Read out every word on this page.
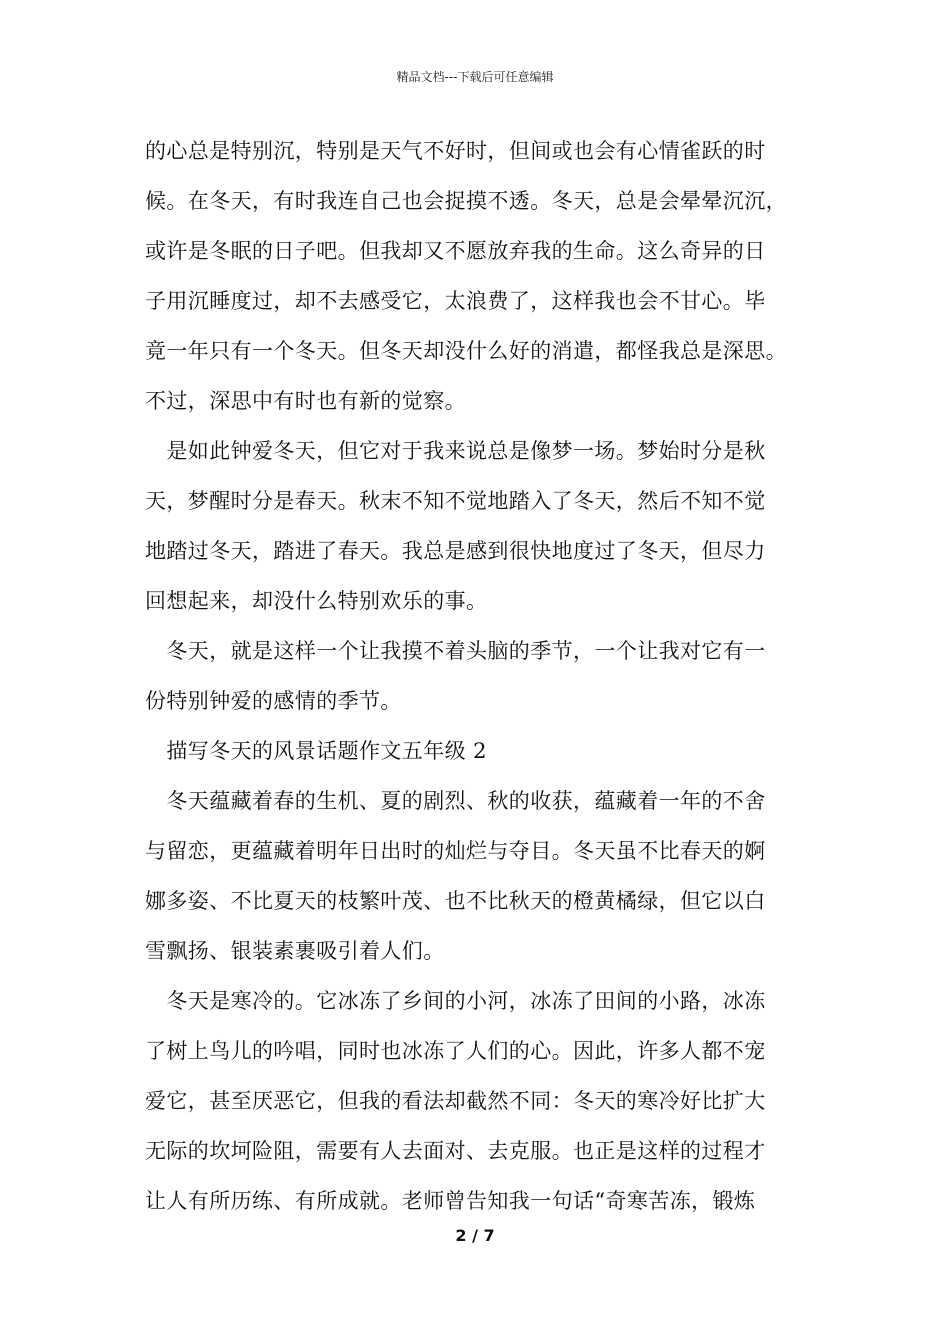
精品文档---下载后可任意编辑
的心总是特别沉，特别是天气不好时，但间或也会有心情雀跃的时
候。在冬天，有时我连自己也会捉摸不透。冬天，总是会晕晕沉沉，
或许是冬眠的日子吧。但我却又不愿放弃我的生命。这么奇异的日
子用沉睡度过，却不去感受它，太浪费了，这样我也会不甘心。毕
竟一年只有一个冬天。但冬天却没什么好的消遣，都怪我总是深思。
不过，深思中有时也有新的觉察。
　是如此钟爱冬天，但它对于我来说总是像梦一场。梦始时分是秋
天，梦醒时分是春天。秋末不知不觉地踏入了冬天，然后不知不觉
地踏过冬天，踏进了春天。我总是感到很快地度过了冬天，但尽力
回想起来，却没什么特别欢乐的事。
　冬天，就是这样一个让我摸不着头脑的季节，一个让我对它有一
份特别钟爱的感情的季节。
　描写冬天的风景话题作文五年级 2
　冬天蕴藏着春的生机、夏的剧烈、秋的收获，蕴藏着一年的不舍
与留恋，更蕴藏着明年日出时的灿烂与夺目。冬天虽不比春天的婀
娜多姿、不比夏天的枝繁叶茂、也不比秋天的橙黄橘绿，但它以白
雪飘扬、银装素裹吸引着人们。
　冬天是寒冷的。它冰冻了乡间的小河，冰冻了田间的小路，冰冻
了树上鸟儿的吟唱，同时也冰冻了人们的心。因此，许多人都不宠
爱它，甚至厌恶它，但我的看法却截然不同：冬天的寒冷好比扩大
无际的坎坷险阻，需要有人去面对、去克服。也正是这样的过程才
让人有所历练、有所成就。老师曾告知我一句话“奇寒苦冻，锻炼
2 / 7
